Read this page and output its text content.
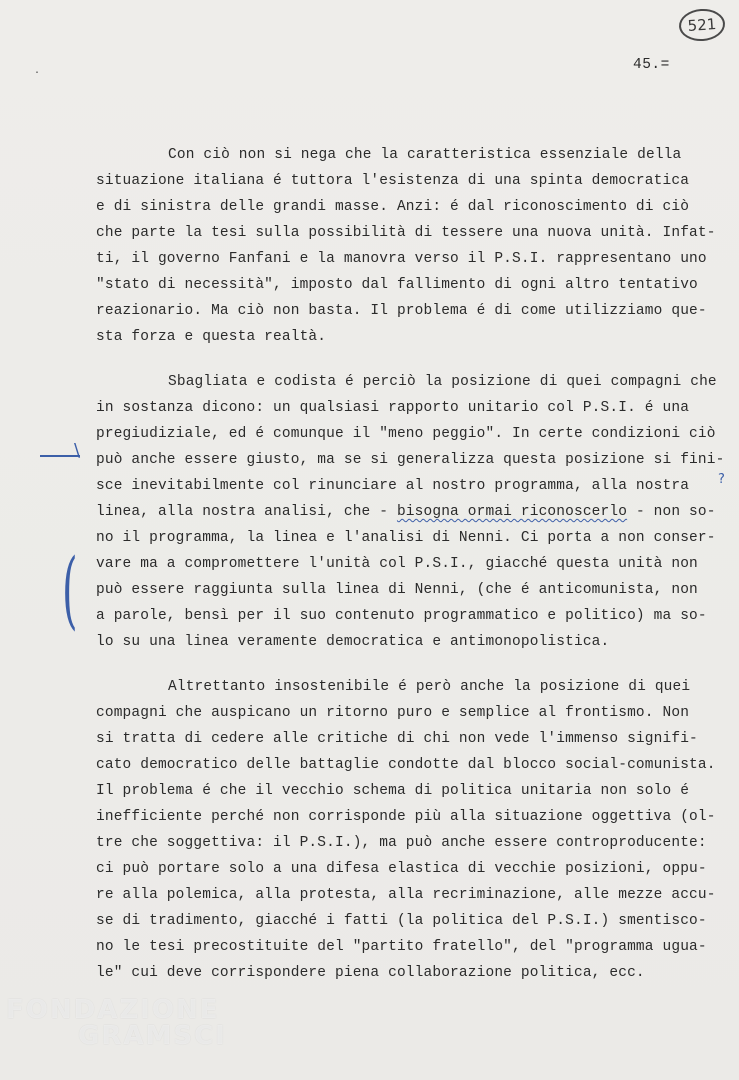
521
45.=
·
\
(
?
Con ciò non si nega che la caratteristica essenziale della
situazione italiana é tuttora l'esistenza di una spinta democratica
e di sinistra delle grandi masse. Anzi: é dal riconoscimento di ciò
che parte la tesi sulla possibilità di tessere una nuova unità. Infat-
ti, il governo Fanfani e la manovra verso il P.S.I. rappresentano uno
"stato di necessità", imposto dal fallimento di ogni altro tentativo
reazionario. Ma ciò non basta. Il problema é di come utilizziamo que-
sta forza e questa realtà.
Sbagliata e codista é perciò la posizione di quei compagni che
in sostanza dicono: un qualsiasi rapporto unitario col P.S.I. é una
pregiudiziale, ed é comunque il "meno peggio". In certe condizioni ciò
può anche essere giusto, ma se si generalizza questa posizione si fini-
sce inevitabilmente col rinunciare al nostro programma, alla nostra
linea, alla nostra analisi, che - bisogna ormai riconoscerlo - non so-
no il programma, la linea e l'analisi di Nenni. Ci porta a non conser-
vare ma a compromettere l'unità col P.S.I., giacché questa unità non
può essere raggiunta sulla linea di Nenni, (che é anticomunista, non
a parole, bensì per il suo contenuto programmatico e politico) ma so-
lo su una linea veramente democratica e antimonopolistica.
Altrettanto insostenibile é però anche la posizione di quei
compagni che auspicano un ritorno puro e semplice al frontismo. Non
si tratta di cedere alle critiche di chi non vede l'immenso signifi-
cato democratico delle battaglie condotte dal blocco social-comunista.
Il problema é che il vecchio schema di politica unitaria non solo é
inefficiente perché non corrisponde più alla situazione oggettiva (ol-
tre che soggettiva: il P.S.I.), ma può anche essere controproducente:
ci può portare solo a una difesa elastica di vecchie posizioni, oppu-
re alla polemica, alla protesta, alla recriminazione, alle mezze accu-
se di tradimento, giacché i fatti (la politica del P.S.I.) smentisco-
no le tesi precostituite del "partito fratello", del "programma ugua-
le" cui deve corrispondere piena collaborazione politica, ecc.
FONDAZIONE
GRAMSCI
